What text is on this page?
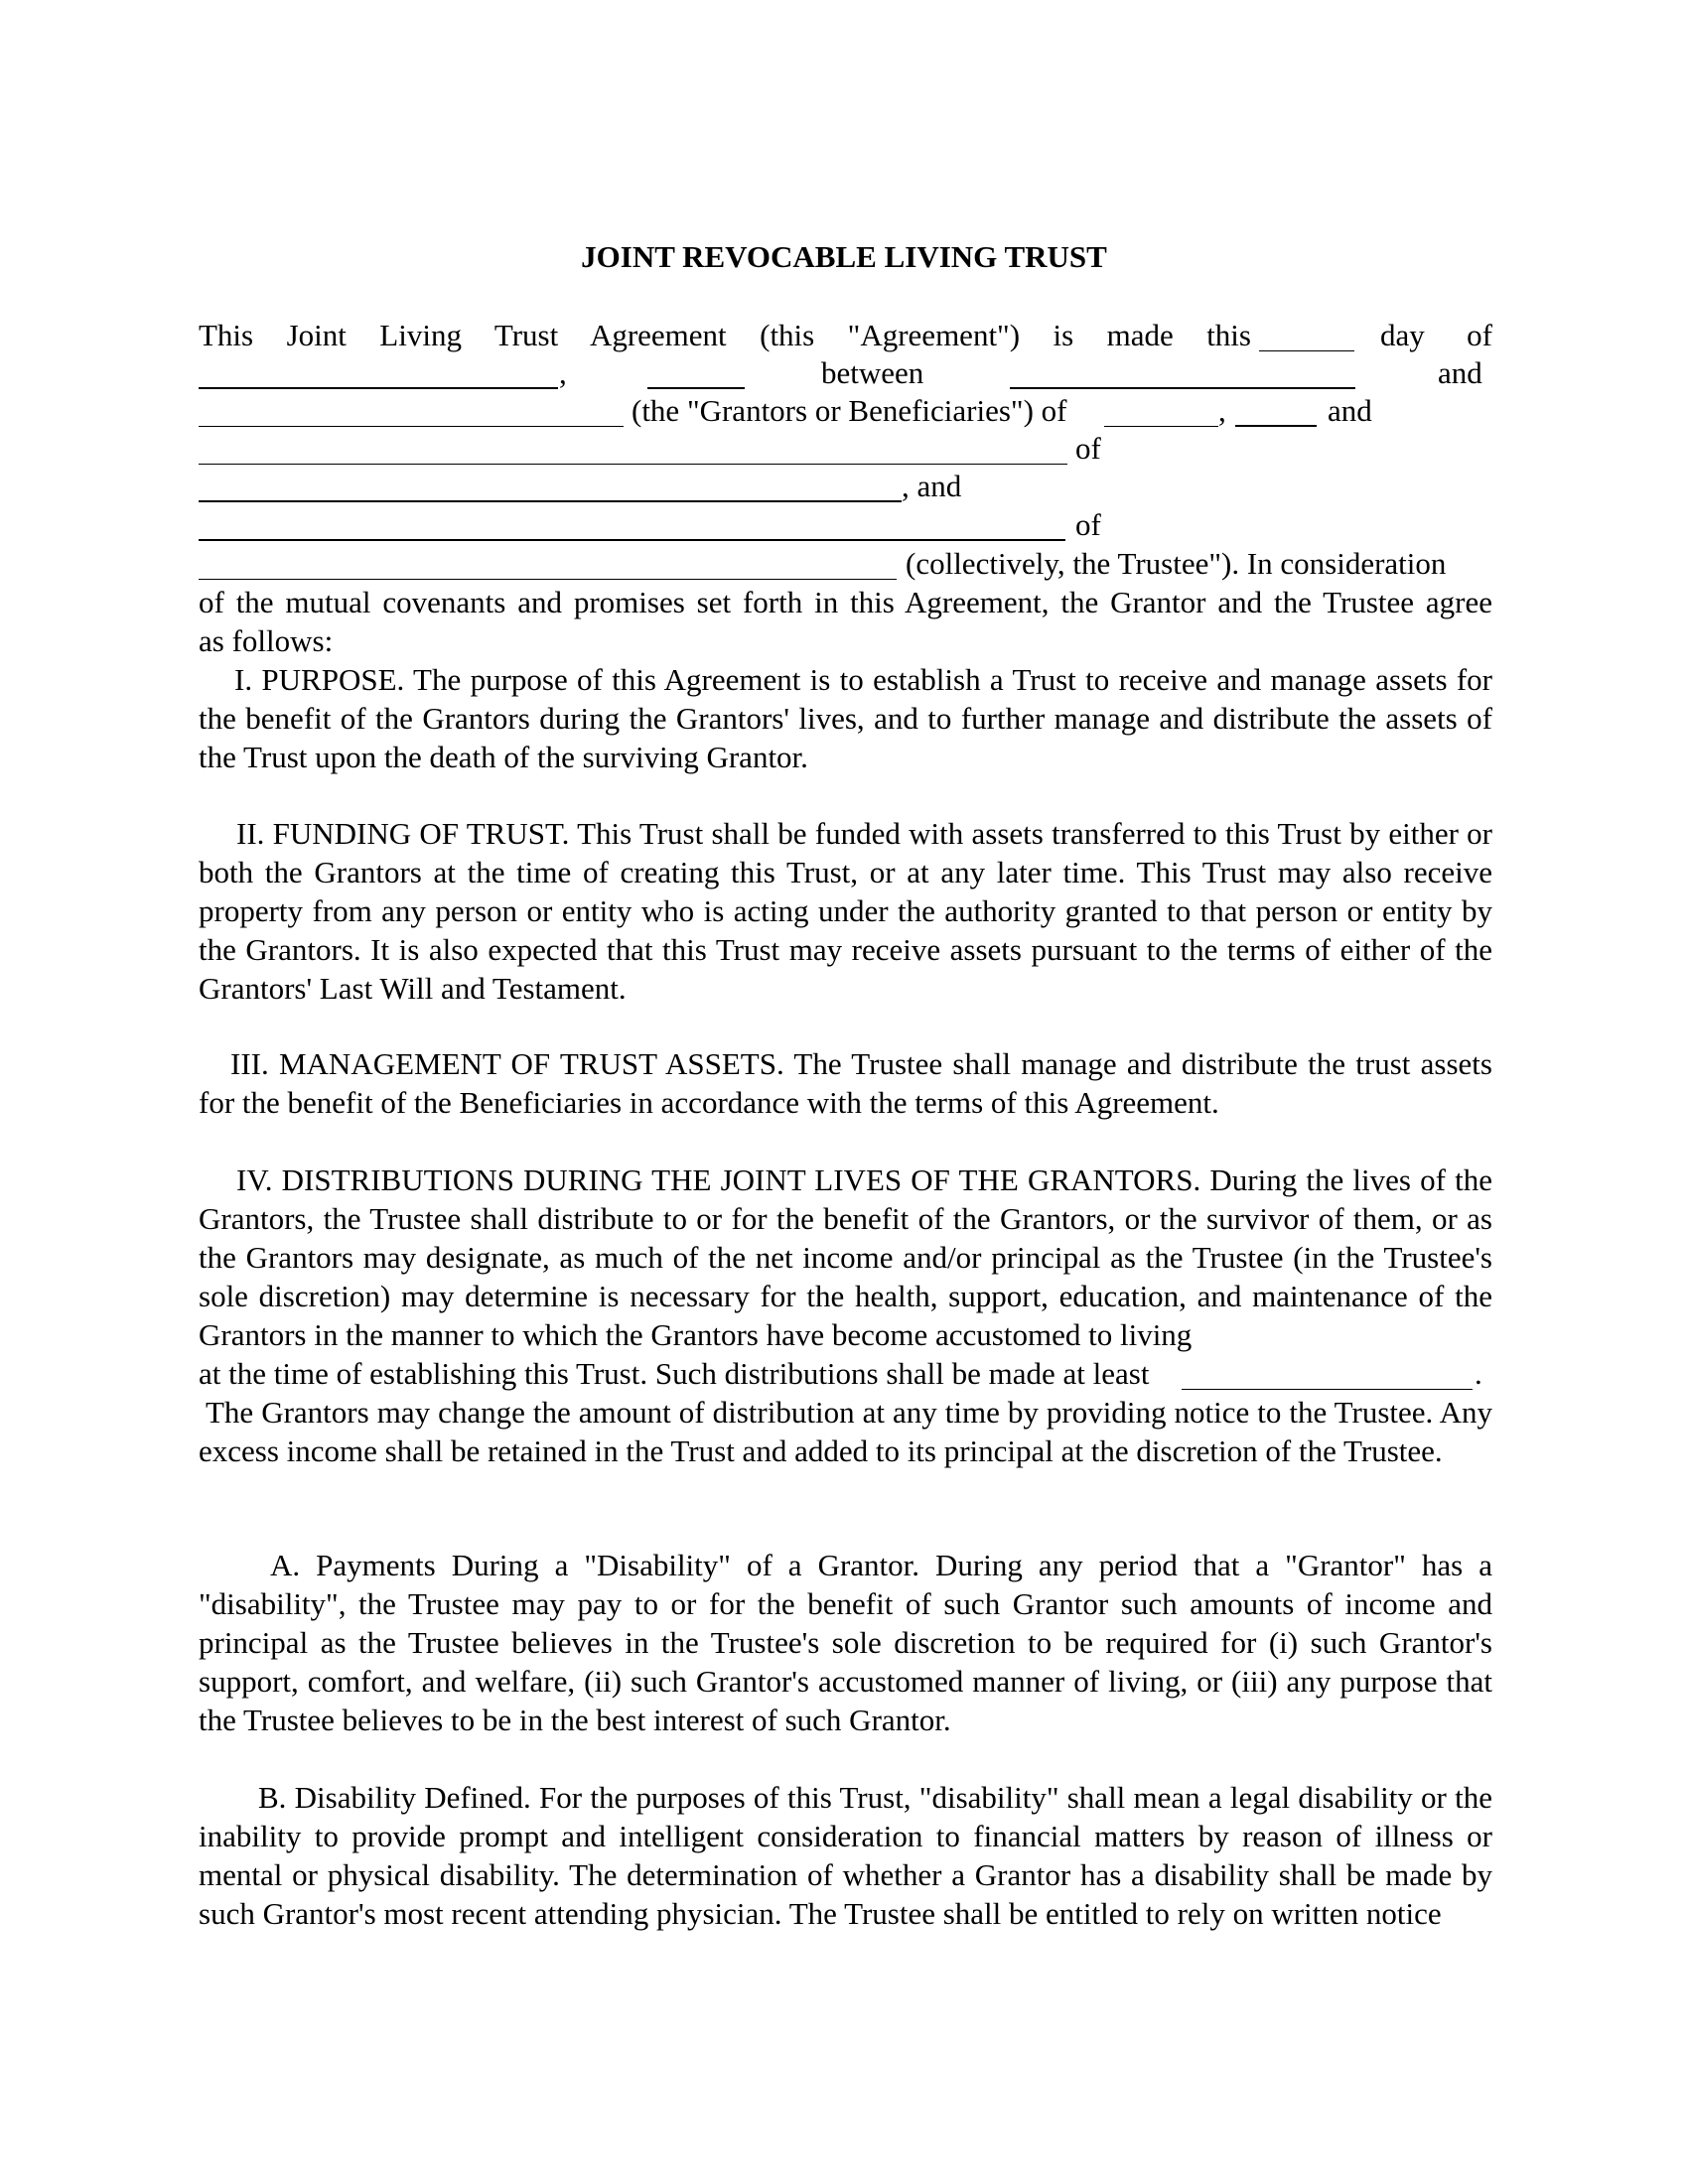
JOINT REVOCABLE LIVING TRUST
This Joint Living Trust Agreement (this "Agreement") is made this	day of
,	between	and
(the "Grantors or Beneficiaries") of	,	and
of
, and
of
(collectively, the Trustee"). In consideration
of the mutual covenants and promises set forth in this Agreement, the Grantor and the Trustee agree
as follows:

I. PURPOSE. The purpose of this Agreement is to establish a Trust to receive and manage assets for the benefit of the Grantors during the Grantors' lives, and to further manage and distribute the assets of the Trust upon the death of the surviving Grantor.

II. FUNDING OF TRUST. This Trust shall be funded with assets transferred to this Trust by either or both the Grantors at the time of creating this Trust, or at any later time. This Trust may also receive property from any person or entity who is acting under the authority granted to that person or entity by the Grantors. It is also expected that this Trust may receive assets pursuant to the terms of either of the Grantors' Last Will and Testament.

III. MANAGEMENT OF TRUST ASSETS. The Trustee shall manage and distribute the trust assets for the benefit of the Beneficiaries in accordance with the terms of this Agreement.

IV. DISTRIBUTIONS DURING THE JOINT LIVES OF THE GRANTORS. During the lives of the Grantors, the Trustee shall distribute to or for the benefit of the Grantors, or the survivor of them, or as the Grantors may designate, as much of the net income and/or principal as the Trustee (in the Trustee's sole discretion) may determine is necessary for the health, support, education, and maintenance of the Grantors in the manner to which the Grantors have become accustomed to living

at the time of establishing this Trust. Such distributions shall be made at least	.

The Grantors may change the amount of distribution at any time by providing notice to the Trustee. Any excess income shall be retained in the Trust and added to its principal at the discretion of the Trustee.

A. Payments During a "Disability" of a Grantor. During any period that a "Grantor" has a "disability", the Trustee may pay to or for the benefit of such Grantor such amounts of income and principal as the Trustee believes in the Trustee's sole discretion to be required for (i) such Grantor's support, comfort, and welfare, (ii) such Grantor's accustomed manner of living, or (iii) any purpose that the Trustee believes to be in the best interest of such Grantor.

B. Disability Defined. For the purposes of this Trust, "disability" shall mean a legal disability or the inability to provide prompt and intelligent consideration to financial matters by reason of illness or mental or physical disability. The determination of whether a Grantor has a disability shall be made by such Grantor's most recent attending physician. The Trustee shall be entitled to rely on written notice
